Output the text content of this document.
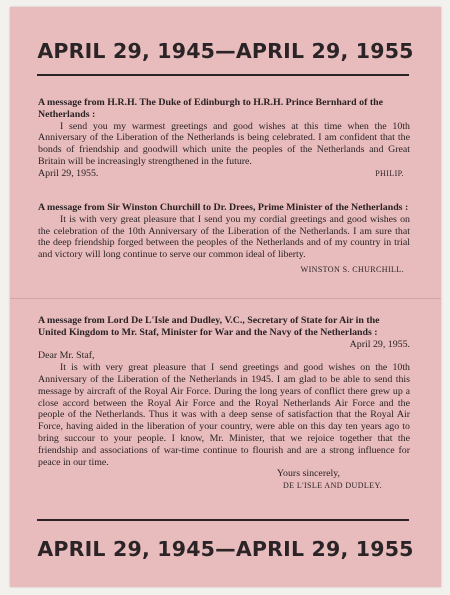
APRIL 29, 1945—APRIL 29, 1955
A message from H.R.H. The Duke of Edinburgh to H.R.H. Prince Bernhard of the Netherlands :
I send you my warmest greetings and good wishes at this time when the 10th Anniversary of the Liberation of the Netherlands is being celebrated. I am confident that the bonds of friendship and goodwill which unite the peoples of the Netherlands and Great Britain will be increasingly strengthened in the future.
April 29, 1955.	PHILIP.
A message from Sir Winston Churchill to Dr. Drees, Prime Minister of the Netherlands :
It is with very great pleasure that I send you my cordial greetings and good wishes on the celebration of the 10th Anniversary of the Liberation of the Netherlands. I am sure that the deep friendship forged between the peoples of the Netherlands and of my country in trial and victory will long continue to serve our common ideal of liberty.
WINSTON S. CHURCHILL.
A message from Lord De L'Isle and Dudley, V.C., Secretary of State for Air in the United Kingdom to Mr. Staf, Minister for War and the Navy of the Netherlands :
April 29, 1955.
Dear Mr. Staf,
It is with very great pleasure that I send greetings and good wishes on the 10th Anniversary of the Liberation of the Netherlands in 1945. I am glad to be able to send this message by aircraft of the Royal Air Force. During the long years of conflict there grew up a close accord between the Royal Air Force and the Royal Netherlands Air Force and the people of the Netherlands. Thus it was with a deep sense of satisfaction that the Royal Air Force, having aided in the liberation of your country, were able on this day ten years ago to bring succour to your people. I know, Mr. Minister, that we rejoice together that the friendship and associations of war-time continue to flourish and are a strong influence for peace in our time.
Yours sincerely,
DE L'ISLE AND DUDLEY.
APRIL 29, 1945—APRIL 29, 1955
